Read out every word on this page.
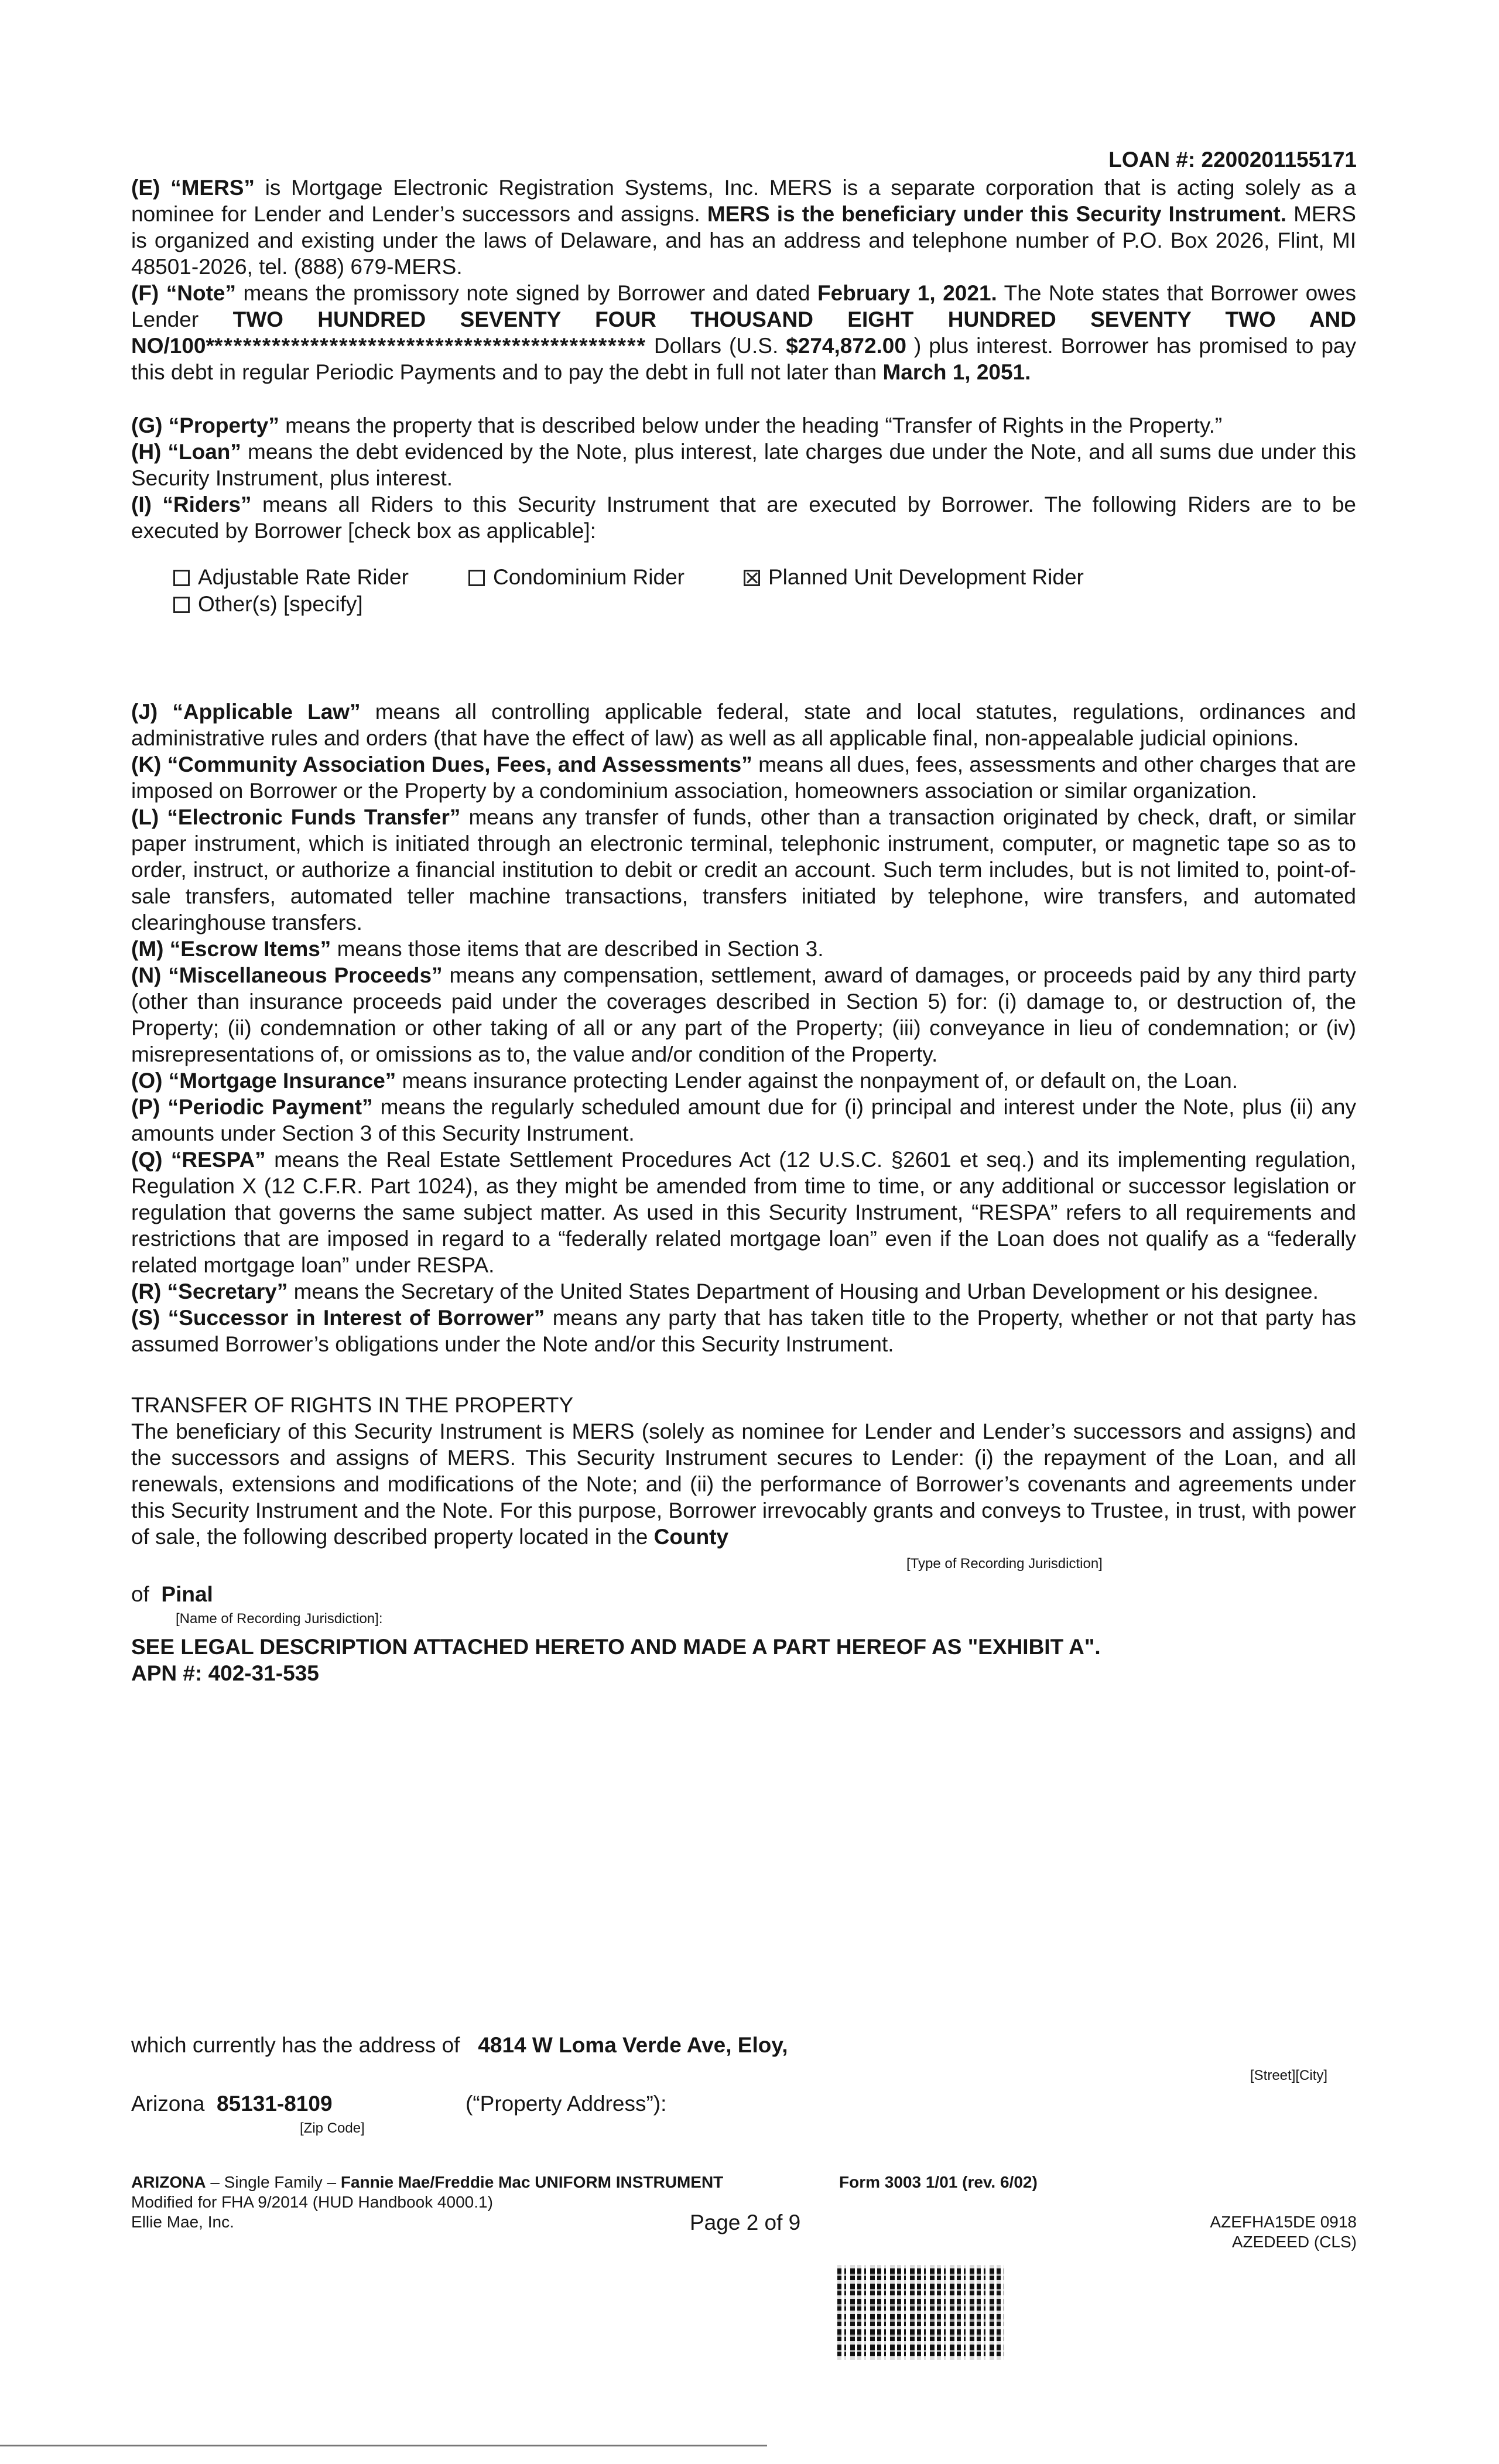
LOAN #: 2200201155171
(E) “MERS” is Mortgage Electronic Registration Systems, Inc. MERS is a separate corporation that is acting solely as a nominee for Lender and Lender’s successors and assigns. MERS is the beneficiary under this Security Instrument. MERS is organized and existing under the laws of Delaware, and has an address and telephone number of P.O. Box 2026, Flint, MI 48501-2026, tel. (888) 679-MERS.
(F) “Note” means the promissory note signed by Borrower and dated February 1, 2021. The Note states that Borrower owes Lender TWO HUNDRED SEVENTY FOUR THOUSAND EIGHT HUNDRED SEVENTY TWO AND NO/100********************************************** Dollars (U.S. $274,872.00 ) plus interest. Borrower has promised to pay this debt in regular Periodic Payments and to pay the debt in full not later than March 1, 2051.
(G) “Property” means the property that is described below under the heading “Transfer of Rights in the Property.”
(H) “Loan” means the debt evidenced by the Note, plus interest, late charges due under the Note, and all sums due under this Security Instrument, plus interest.
(I) “Riders” means all Riders to this Security Instrument that are executed by Borrower. The following Riders are to be executed by Borrower [check box as applicable]:
Adjustable Rate Rider	Condominium Rider	Planned Unit Development Rider
Other(s) [specify]
(J) “Applicable Law” means all controlling applicable federal, state and local statutes, regulations, ordinances and administrative rules and orders (that have the effect of law) as well as all applicable final, non-appealable judicial opinions.
(K) “Community Association Dues, Fees, and Assessments” means all dues, fees, assessments and other charges that are imposed on Borrower or the Property by a condominium association, homeowners association or similar organization.
(L) “Electronic Funds Transfer” means any transfer of funds, other than a transaction originated by check, draft, or similar paper instrument, which is initiated through an electronic terminal, telephonic instrument, computer, or magnetic tape so as to order, instruct, or authorize a financial institution to debit or credit an account. Such term includes, but is not limited to, point-of-sale transfers, automated teller machine transactions, transfers initiated by telephone, wire transfers, and automated clearinghouse transfers.
(M) “Escrow Items” means those items that are described in Section 3.
(N) “Miscellaneous Proceeds” means any compensation, settlement, award of damages, or proceeds paid by any third party (other than insurance proceeds paid under the coverages described in Section 5) for: (i) damage to, or destruction of, the Property; (ii) condemnation or other taking of all or any part of the Property; (iii) conveyance in lieu of condemnation; or (iv) misrepresentations of, or omissions as to, the value and/or condition of the Property.
(O) “Mortgage Insurance” means insurance protecting Lender against the nonpayment of, or default on, the Loan.
(P) “Periodic Payment” means the regularly scheduled amount due for (i) principal and interest under the Note, plus (ii) any amounts under Section 3 of this Security Instrument.
(Q) “RESPA” means the Real Estate Settlement Procedures Act (12 U.S.C. §2601 et seq.) and its implementing regulation, Regulation X (12 C.F.R. Part 1024), as they might be amended from time to time, or any additional or successor legislation or regulation that governs the same subject matter. As used in this Security Instrument, “RESPA” refers to all requirements and restrictions that are imposed in regard to a “federally related mortgage loan” even if the Loan does not qualify as a “federally related mortgage loan” under RESPA.
(R) “Secretary” means the Secretary of the United States Department of Housing and Urban Development or his designee.
(S) “Successor in Interest of Borrower” means any party that has taken title to the Property, whether or not that party has assumed Borrower’s obligations under the Note and/or this Security Instrument.
TRANSFER OF RIGHTS IN THE PROPERTY
The beneficiary of this Security Instrument is MERS (solely as nominee for Lender and Lender’s successors and assigns) and the successors and assigns of MERS. This Security Instrument secures to Lender: (i) the repayment of the Loan, and all renewals, extensions and modifications of the Note; and (ii) the performance of Borrower’s covenants and agreements under this Security Instrument and the Note. For this purpose, Borrower irrevocably grants and conveys to Trustee, in trust, with power of sale, the following described property located in the County
[Type of Recording Jurisdiction]
of Pinal
[Name of Recording Jurisdiction]:
SEE LEGAL DESCRIPTION ATTACHED HERETO AND MADE A PART HEREOF AS "EXHIBIT A".
APN #: 402-31-535
which currently has the address of 4814 W Loma Verde Ave, Eloy,
[Street][City]
Arizona 85131-8109	(“Property Address”):
[Zip Code]
ARIZONA – Single Family – Fannie Mae/Freddie Mac UNIFORM INSTRUMENT	Form 3003 1/01 (rev. 6/02)
Modified for FHA 9/2014 (HUD Handbook 4000.1)
Ellie Mae, Inc.	Page 2 of 9	AZEFHA15DE 0918
AZEDEED (CLS)
